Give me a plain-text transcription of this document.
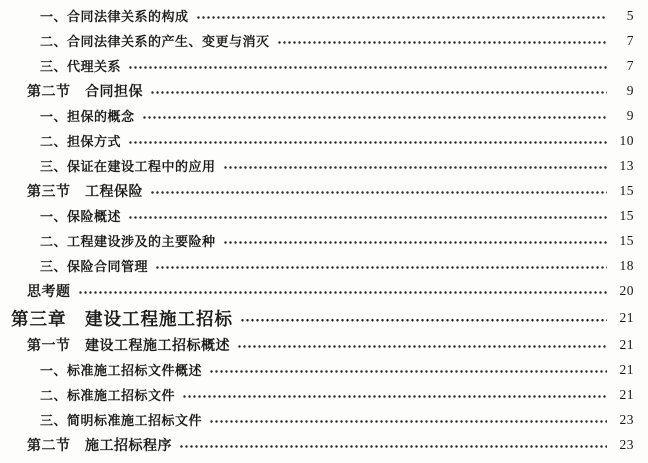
一、合同法律关系的构成	5
二、合同法律关系的产生、变更与消灭	7
三、代理关系	7
第二节　合同担保	9
一、担保的概念	9
二、担保方式	10
三、保证在建设工程中的应用	13
第三节　工程保险	15
一、保险概述	15
二、工程建设涉及的主要险种	15
三、保险合同管理	18
思考题	20
第三章　建设工程施工招标	21
第一节　建设工程施工招标概述	21
一、标准施工招标文件概述	21
二、标准施工招标文件	21
三、简明标准施工招标文件	23
第二节　施工招标程序	23
